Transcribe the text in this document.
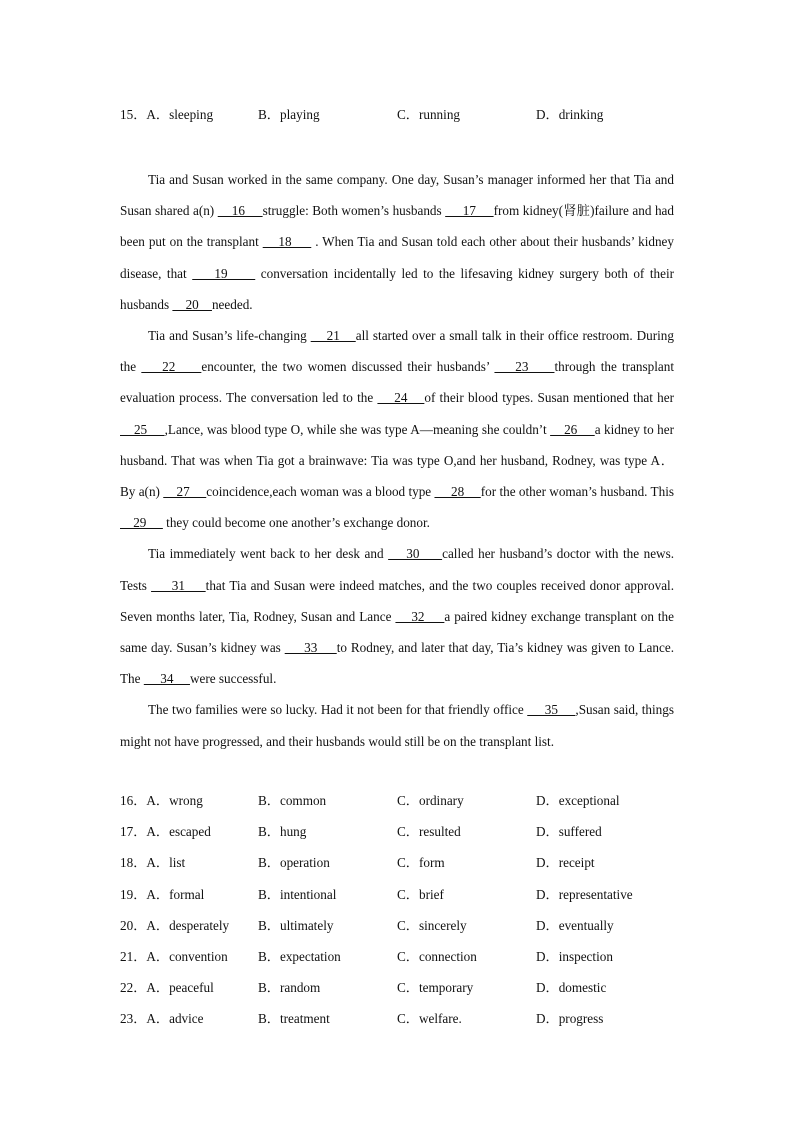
15．A．sleeping	B．playing	C．running	D．drinking

Tia and Susan worked in the same company. One day, Susan’s manager informed her that Tia and Susan shared a(n)     16     struggle: Both women’s husbands      17     from kidney(肾脏)failure and had been put on the transplant     18      . When Tia and Susan told each other about their husbands’ kidney disease, that     19      conversation incidentally led to the lifesaving kidney surgery both of their husbands     20    needed.

Tia and Susan’s life-changing     21    all started over a small talk in their office restroom. During the     22     encounter, the two women discussed their husbands’     23     through the transplant evaluation process. The conversation led to the     24    of their blood types. Susan mentioned that her     25     ,Lance, was blood type O, while she was type A—meaning she couldn’t     26     a kidney to her husband. That was when Tia got a brainwave: Tia was type O,and her husband, Rodney, was type A． By a(n)     27     coincidence,each woman was a blood type      28     for the other woman’s husband. This     29      they could become one another’s exchange donor.

Tia immediately went back to her desk and     30     called her husband’s doctor with the news. Tests      31     that Tia and Susan were indeed matches, and the two couples received donor approval. Seven months later, Tia, Rodney, Susan and Lance     32     a paired kidney exchange transplant on the same day. Susan’s kidney was      33     to Rodney, and later that day, Tia’s kidney was given to Lance. The      34     were successful.

The two families were so lucky. Had it not been for that friendly office      35     ,Susan said, things might not have progressed, and their husbands would still be on the transplant list.

16．A．wrong	B．common	C．ordinary	D．exceptional
17．A．escaped	B．hung	C．resulted	D．suffered
18．A．list	B．operation	C．form	D．receipt
19．A．formal	B．intentional	C．brief	D．representative
20．A．desperately B．ultimately	C．sincerely	D．eventually
21．A．convention B．expectation	C．connection	D．inspection
22．A．peaceful	B．random	C．temporary	D．domestic
23．A．advice	B．treatment	C．welfare.	D．progress
